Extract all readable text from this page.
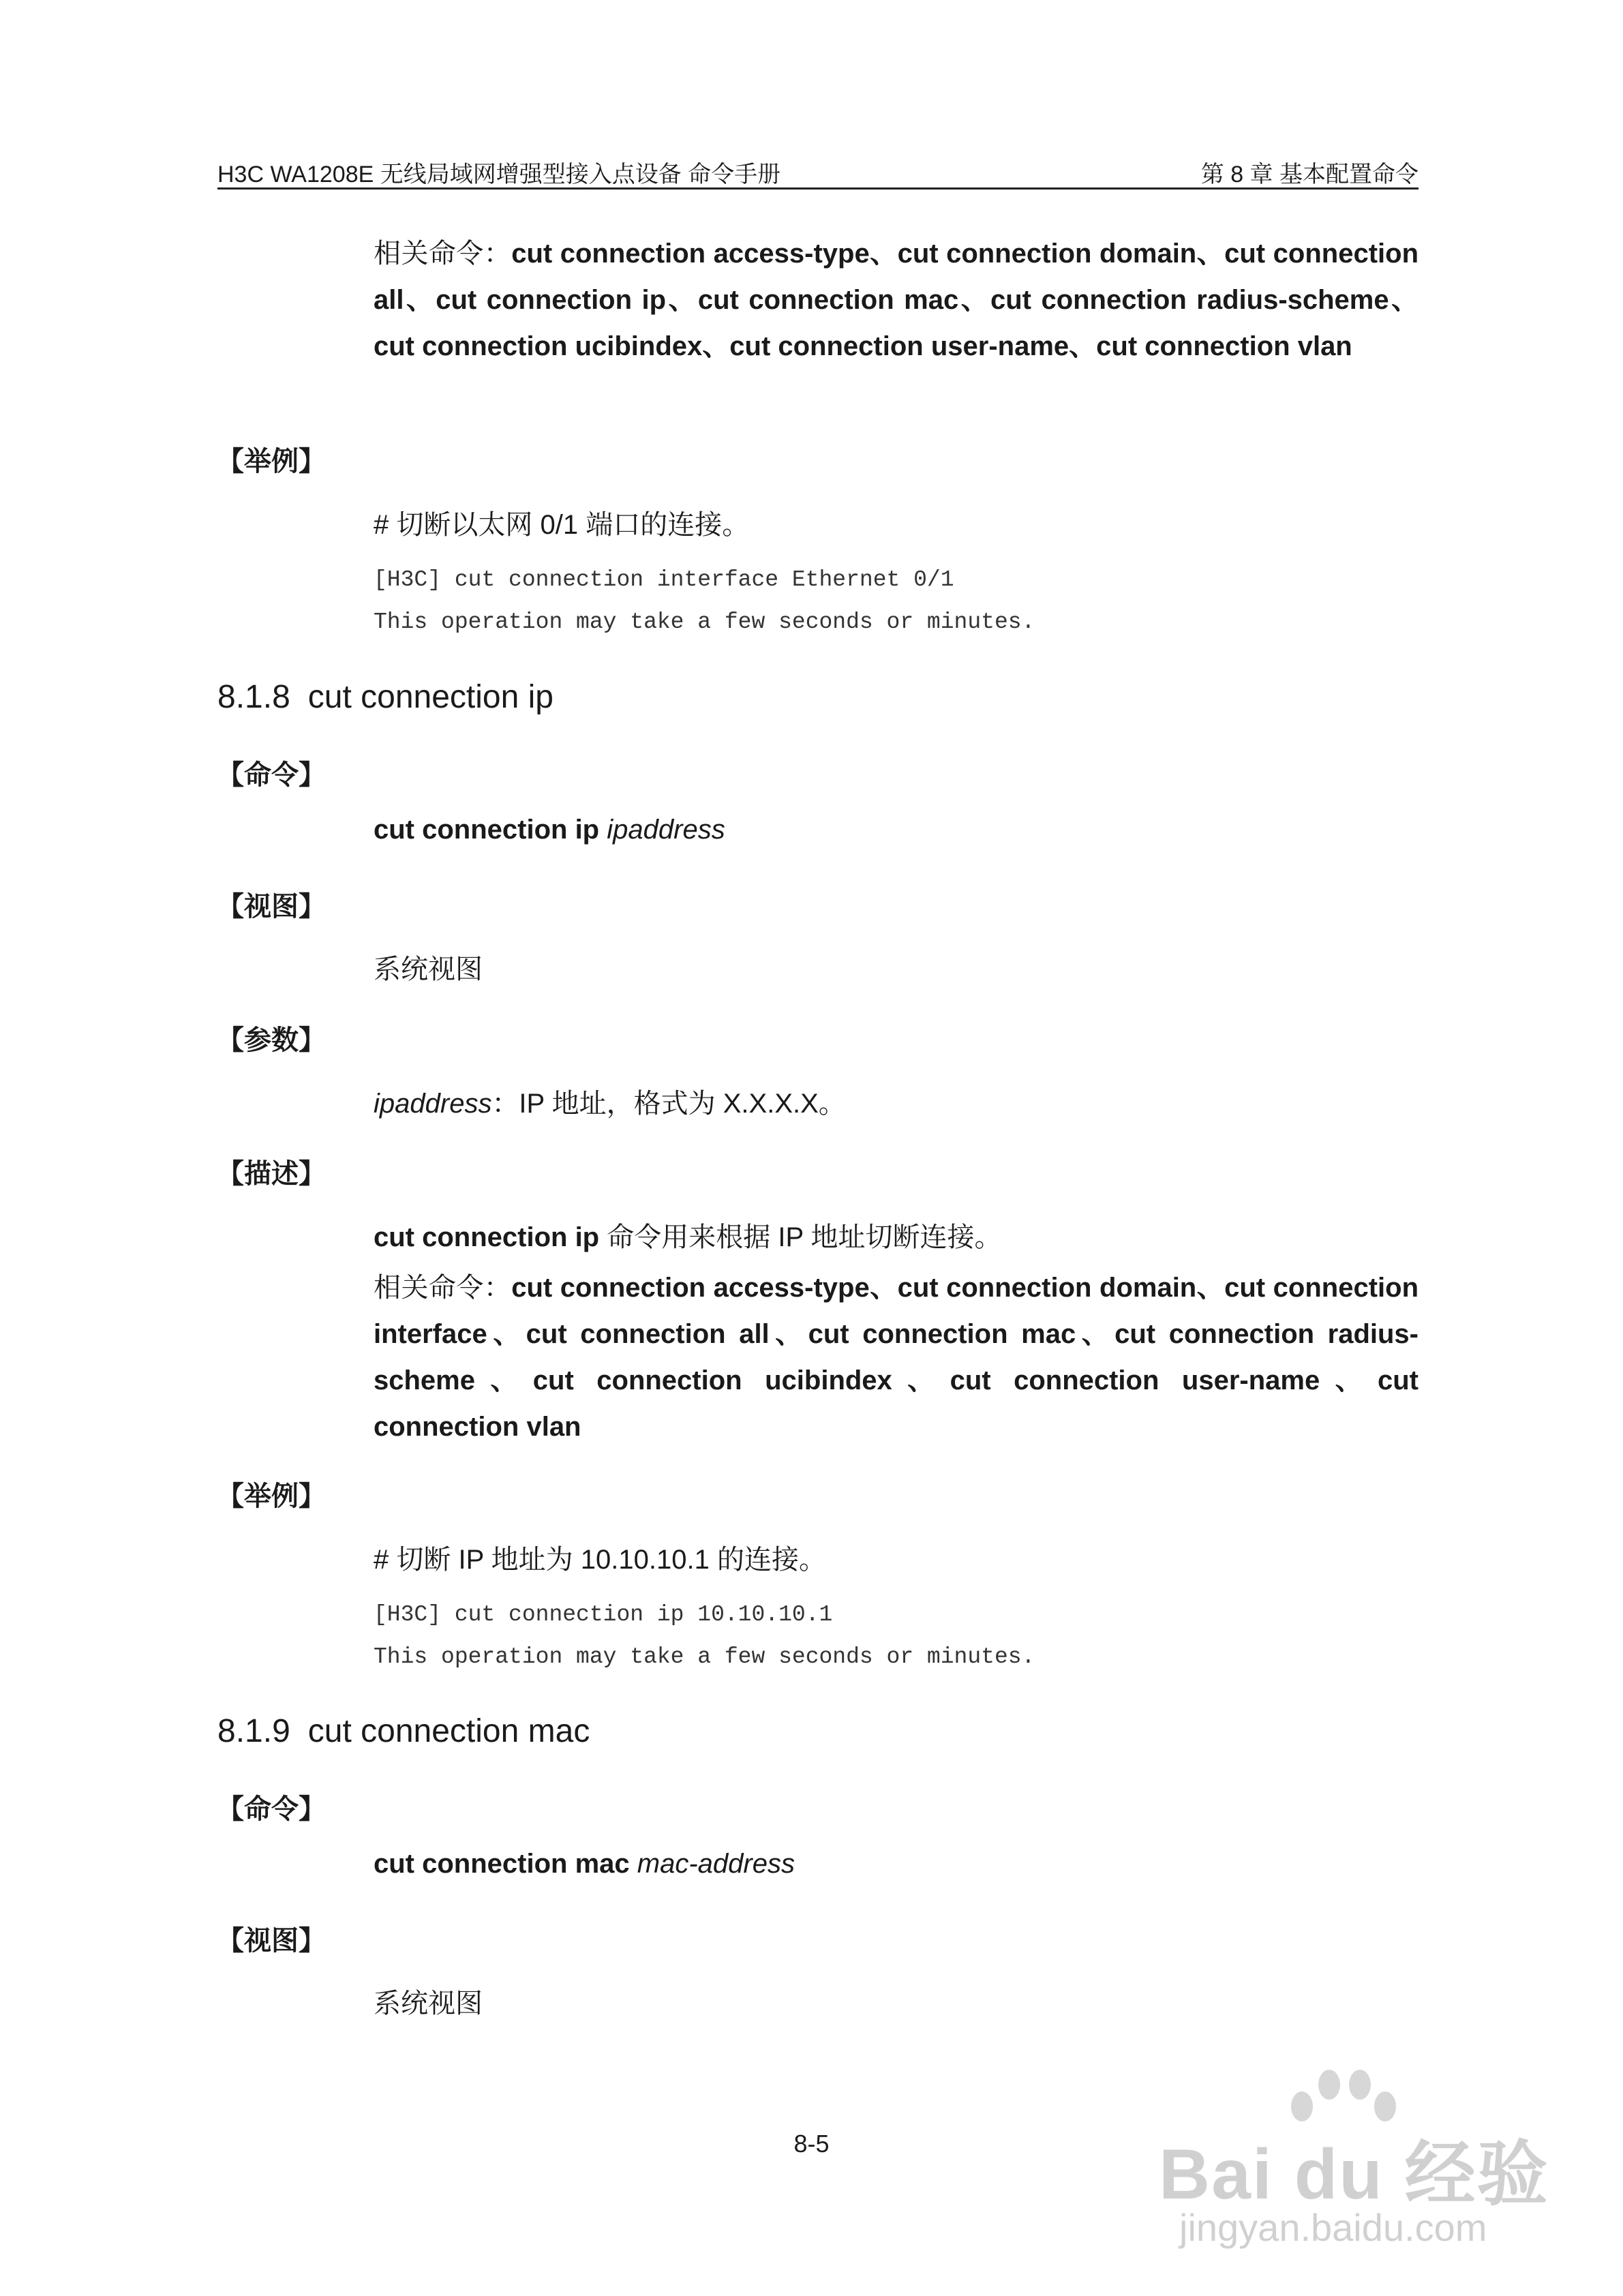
H3C WA1208E 无线局域网增强型接入点设备 命令手册	第 8 章 基本配置命令
相关命令：cut connection access-type、cut connection domain、cut connection all、cut connection ip、cut connection mac、cut connection radius-scheme、cut connection ucibindex、cut connection user-name、cut connection vlan
【举例】
# 切断以太网 0/1 端口的连接。
[H3C] cut connection interface Ethernet 0/1
This operation may take a few seconds or minutes.
8.1.8 cut connection ip
【命令】
cut connection ip ipaddress
【视图】
系统视图
【参数】
ipaddress：IP 地址，格式为 X.X.X.X。
【描述】
cut connection ip 命令用来根据 IP 地址切断连接。
相关命令：cut connection access-type、cut connection domain、cut connection interface、cut connection all、cut connection mac、cut connection radius-scheme、cut connection ucibindex、cut connection user-name、cut connection vlan
【举例】
# 切断 IP 地址为 10.10.10.1 的连接。
[H3C] cut connection ip 10.10.10.1
This operation may take a few seconds or minutes.
8.1.9 cut connection mac
【命令】
cut connection mac mac-address
【视图】
系统视图
8-5	Bai du 经验
jingyan.baidu.com
